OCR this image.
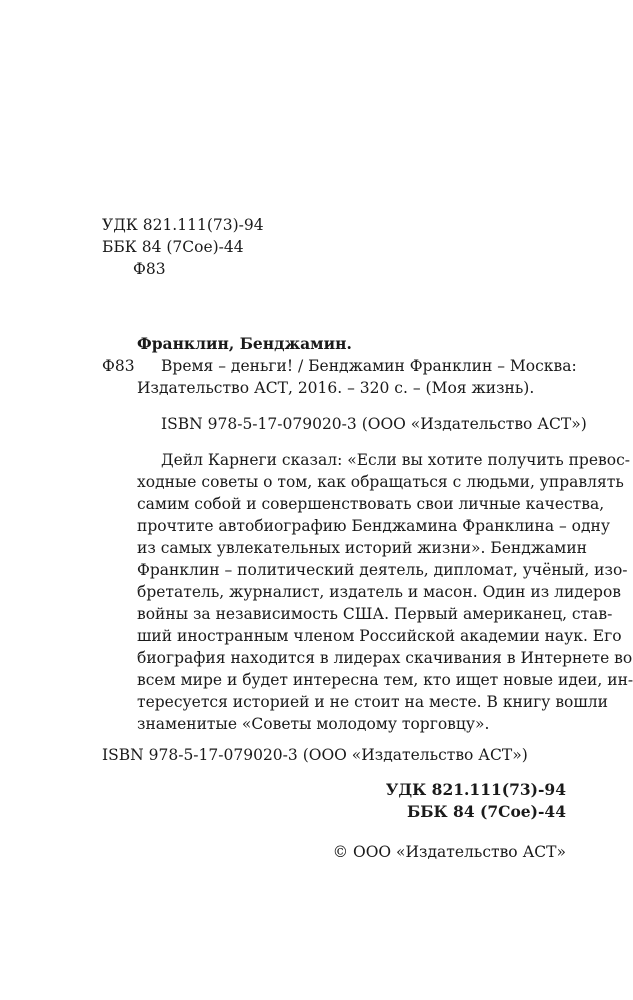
УДК 821.111(73)-94
ББК 84 (7Сое)-44
Ф83
Франклин, Бенджамин.
Ф83 Время – деньги! / Бенджамин Франклин – Москва:
Издательство АСТ, 2016. – 320 с. – (Моя жизнь).
ISBN 978-5-17-079020-3 (ООО «Издательство АСТ»)
Дейл Карнеги сказал: «Если вы хотите получить превос-
ходные советы о том, как обращаться с людьми, управлять
самим собой и совершенствовать свои личные качества,
прочтите автобиографию Бенджамина Франклина – одну
из самых увлекательных историй жизни». Бенджамин
Франклин – политический деятель, дипломат, учёный, изо-
бретатель, журналист, издатель и масон. Один из лидеров
войны за независимость США. Первый американец, став-
ший иностранным членом Российской академии наук. Его
биография находится в лидерах скачивания в Интернете во
всем мире и будет интересна тем, кто ищет новые идеи, ин-
тересуется историей и не стоит на месте. В книгу вошли
знаменитые «Советы молодому торговцу».
ISBN 978-5-17-079020-3 (ООО «Издательство АСТ»)
УДК 821.111(73)-94
ББК 84 (7Сое)-44
© ООО «Издательство АСТ»
